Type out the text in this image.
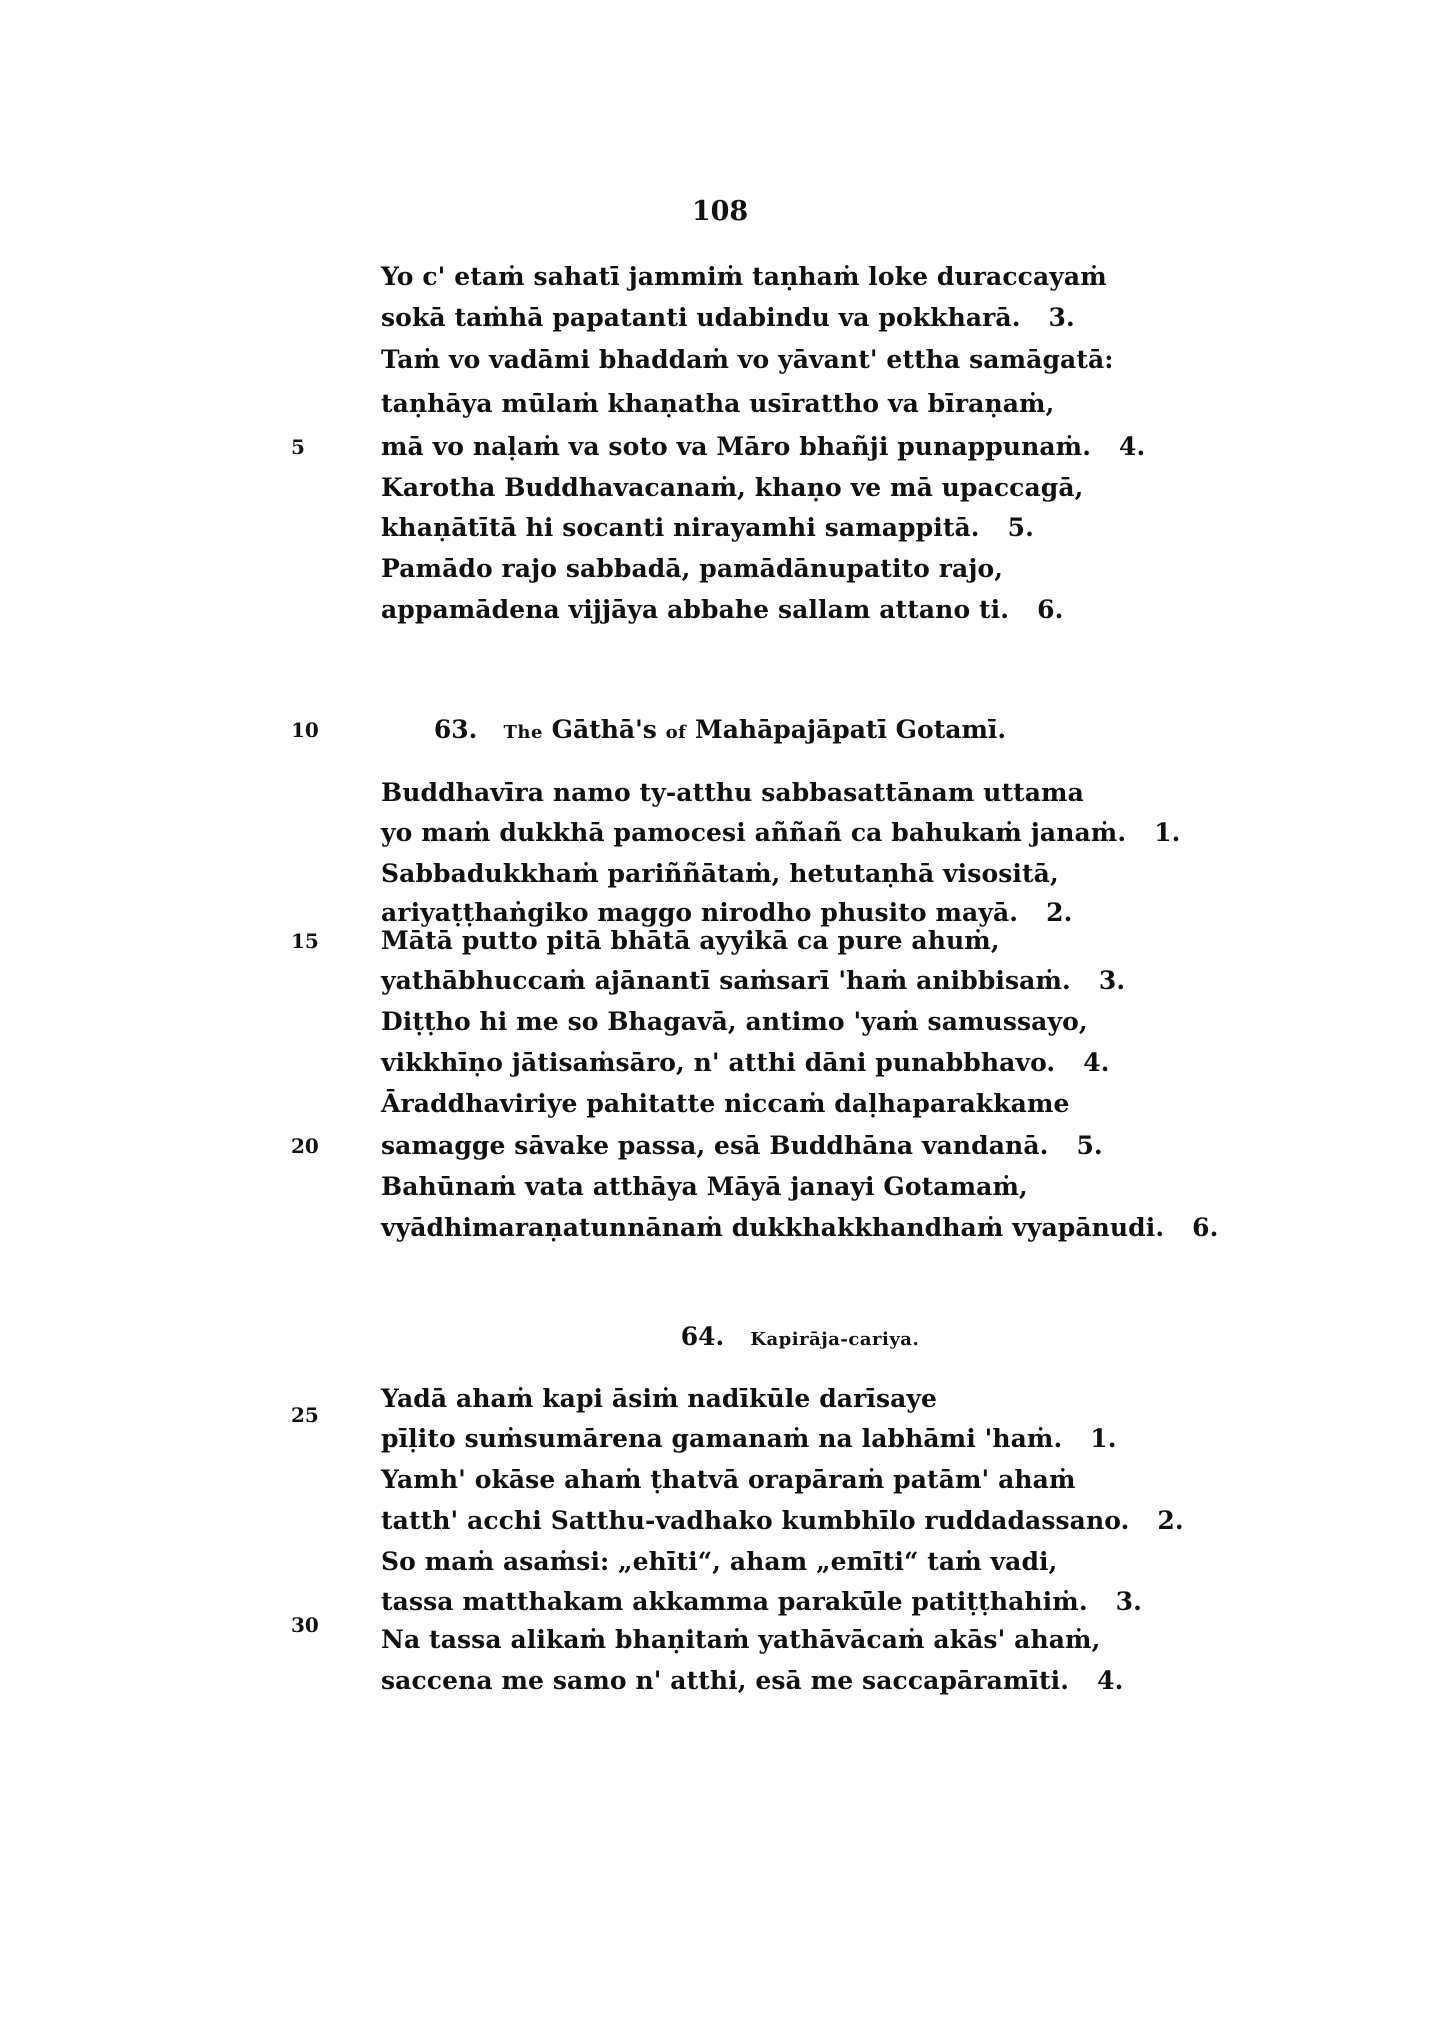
108
5
10
15
20
25
30
Yo c' etaṁ sahatī jammiṁ taṇhaṁ loke duraccayaṁ
sokā taṁhā papatanti udabindu va pokkharā. 3.
Taṁ vo vadāmi bhaddaṁ vo yāvant' ettha samāgatā:
taṇhāya mūlaṁ khaṇatha usīrattho va bīraṇaṁ,
mā vo naḷaṁ va soto va Māro bhañji punappunaṁ. 4.
Karotha Buddhavacanaṁ, khaṇo ve mā upaccagā,
khaṇātītā hi socanti nirayamhi samappitā. 5.
Pamādo rajo sabbadā, pamādānupatito rajo,
appamādena vijjāya abbahe sallam attano ti. 6.
63. The Gāthā's of Mahāpajāpatī Gotamī.
Buddhavīra namo ty-atthu sabbasattānam uttama
yo maṁ dukkhā pamocesi aññañ ca bahukaṁ janaṁ. 1.
Sabbadukkhaṁ pariññātaṁ, hetutaṇhā visositā,
ariyaṭṭhaṅgiko maggo nirodho phusito mayā. 2.
Mātā putto pitā bhātā ayyikā ca pure ahuṁ,
yathābhuccaṁ ajānantī saṁsarī 'haṁ anibbisaṁ. 3.
Diṭṭho hi me so Bhagavā, antimo 'yaṁ samussayo,
vikkhīṇo jātisaṁsāro, n' atthi dāni punabbhavo. 4.
Āraddhaviriye pahitatte niccaṁ daḷhaparakkame
samagge sāvake passa, esā Buddhāna vandanā. 5.
Bahūnaṁ vata atthāya Māyā janayi Gotamaṁ,
vyādhimaraṇatunnānaṁ dukkhakkhandhaṁ vyapānudi. 6.
64. Kapirāja-cariya.
Yadā ahaṁ kapi āsiṁ nadīkūle darīsaye
pīḷito suṁsumārena gamanaṁ na labhāmi 'haṁ. 1.
Yamh' okāse ahaṁ ṭhatvā orapāraṁ patām' ahaṁ
tatth' acchi Satthu-vadhako kumbhīlo ruddadassano. 2.
So maṁ asaṁsi: „ehīti“, aham „emīti“ taṁ vadi,
tassa matthakam akkamma parakūle patiṭṭhahiṁ. 3.
Na tassa alikaṁ bhaṇitaṁ yathāvācaṁ akās' ahaṁ,
saccena me samo n' atthi, esā me saccapāramīti. 4.
